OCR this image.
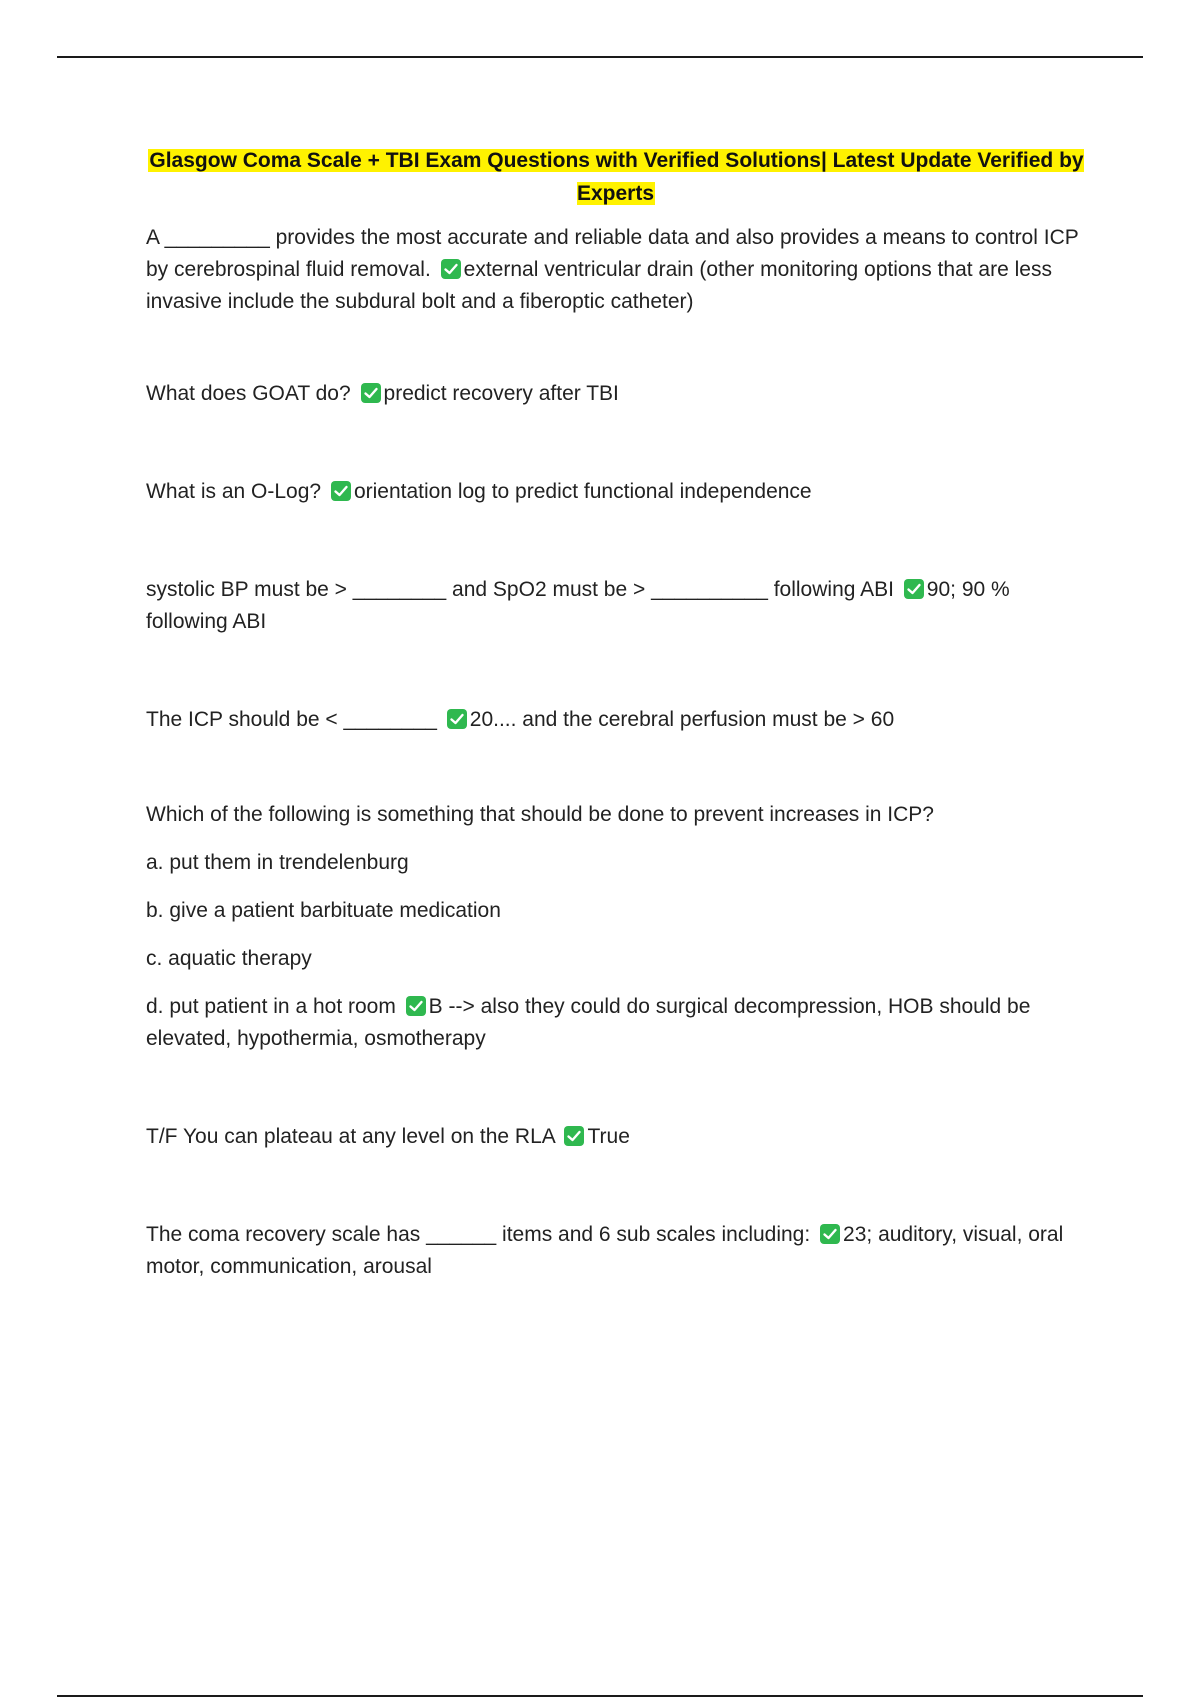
Glasgow Coma Scale + TBI Exam Questions with Verified Solutions| Latest Update Verified by Experts

A _________ provides the most accurate and reliable data and also provides a means to control ICP by cerebrospinal fluid removal. external ventricular drain (other monitoring options that are less invasive include the subdural bolt and a fiberoptic catheter)

What does GOAT do? predict recovery after TBI

What is an O-Log? orientation log to predict functional independence

systolic BP must be > ________ and SpO2 must be > __________ following ABI 90; 90 % following ABI

The ICP should be < ________ 20.... and the cerebral perfusion must be > 60

Which of the following is something that should be done to prevent increases in ICP?

a. put them in trendelenburg

b. give a patient barbituate medication

c. aquatic therapy

d. put patient in a hot room B --> also they could do surgical decompression, HOB should be elevated, hypothermia, osmotherapy

T/F You can plateau at any level on the RLA True

The coma recovery scale has ______ items and 6 sub scales including: 23; auditory, visual, oral motor, communication, arousal
